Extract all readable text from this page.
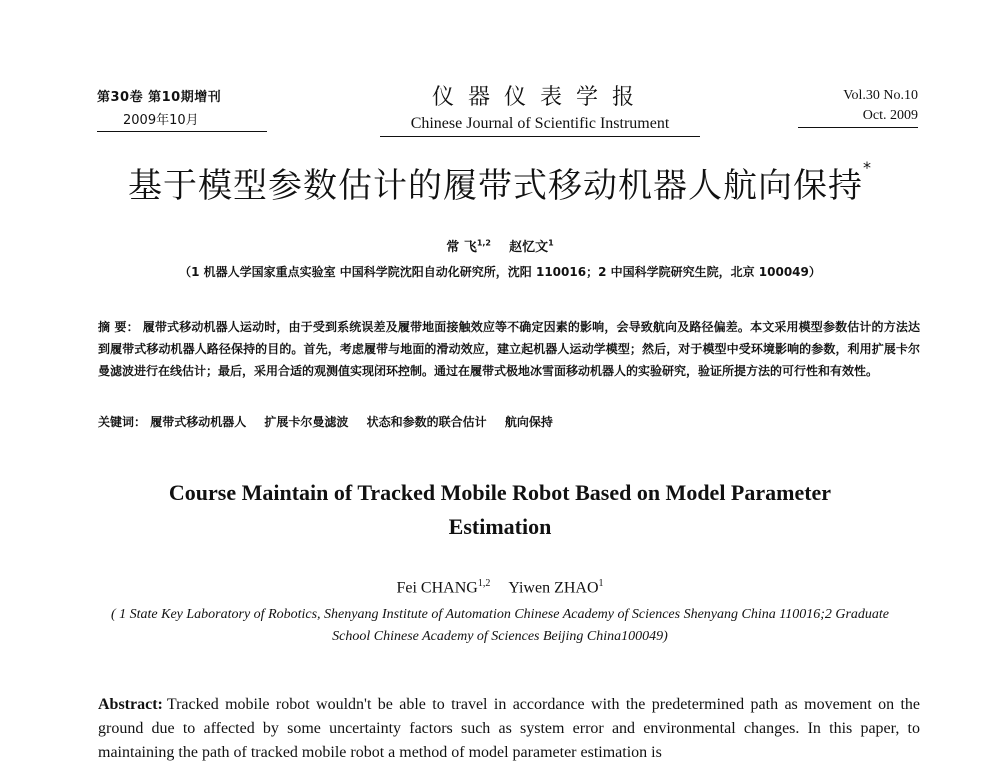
第30卷 第10期增刊
2009年10月
仪器仪表学报
Chinese Journal of Scientific Instrument
Vol.30 No.10
Oct. 2009
基于模型参数估计的履带式移动机器人航向保持*
常 飞$^{1,2}$ 赵忆文$^1$
（1 机器人学国家重点实验室 中国科学院沈阳自动化研究所，沈阳 110016；2 中国科学院研究生院，北京 100049）
摘 要： 履带式移动机器人运动时，由于受到系统误差及履带地面接触效应等不确定因素的影响，会导致航向及路径偏差。本文采用模型参数估计的方法达到履带式移动机器人路径保持的目的。首先，考虑履带与地面的滑动效应，建立起机器人运动学模型；然后，对于模型中受环境影响的参数，利用扩展卡尔曼滤波进行在线估计；最后，采用合适的观测值实现闭环控制。通过在履带式极地冰雪面移动机器人的实验研究，验证所提方法的可行性和有效性。
关键词： 履带式移动机器人 扩展卡尔曼滤波 状态和参数的联合估计 航向保持
Course Maintain of Tracked Mobile Robot Based on Model Parameter Estimation
Fei CHANG$^{1,2}$ Yiwen ZHAO$^1$
( 1 State Key Laboratory of Robotics, Shenyang Institute of Automation Chinese Academy of Sciences Shenyang China 110016;2 Graduate School Chinese Academy of Sciences Beijing China100049)
Abstract: Tracked mobile robot wouldn't be able to travel in accordance with the predetermined path as movement on the ground due to affected by some uncertainty factors such as system error and environmental changes. In this paper, to maintaining the path of tracked mobile robot a method of model parameter estimation is
